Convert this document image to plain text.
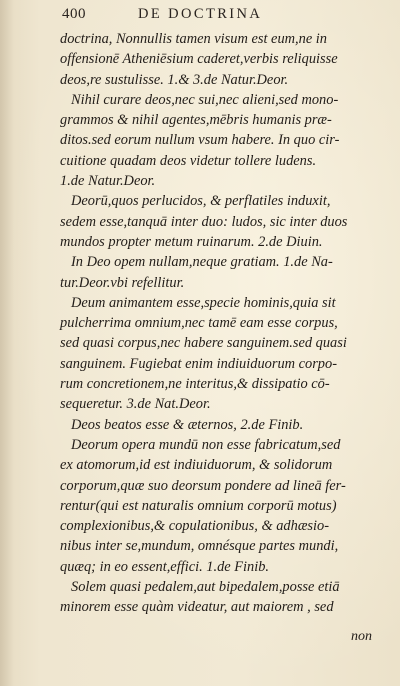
400	DE DOCTRINA
doctrina, Nonnullis tamen visum est eum,ne in
offensionē Atheniēsium caderet,verbis reliquisse
deos,re sustulisse. 1.& 3.de Natur.Deor.
Nihil curare deos,nec sui,nec alieni,sed mono-
grammos & nihil agentes,mēbris humanis præ-
ditos.sed eorum nullum vsum habere. In quo cir-
cuitione quadam deos videtur tollere ludens.
1.de Natur.Deor.
Deorū,quos perlucidos, & perflatiles induxit,
sedem esse,tanquā inter duo: ludos, sic inter duos
mundos propter metum ruinarum. 2.de Diuin.
In Deo opem nullam,neque gratiam. 1.de Na-
tur.Deor.vbi refellitur.
Deum animantem esse,specie hominis,quia sit
pulcherrima omnium,nec tamē eam esse corpus,
sed quasi corpus,nec habere sanguinem.sed quasi
sanguinem. Fugiebat enim indiuiduorum corpo-
rum concretionem,ne interitus,& dissipatio cō-
sequeretur. 3.de Nat.Deor.
Deos beatos esse & æternos, 2.de Finib.
Deorum opera mundū non esse fabricatum,sed
ex atomorum,id est indiuiduorum, & solidorum
corporum,quæ suo deorsum pondere ad lineā fer-
rentur(qui est naturalis omnium corporū motus)
complexionibus,& copulationibus, & adhæsio-
nibus inter se,mundum, omnésque partes mundi,
quæq; in eo essent,effici. 1.de Finib.
Solem quasi pedalem,aut bipedalem,posse etiā
minorem esse quàm videatur, aut maiorem , sed
non
